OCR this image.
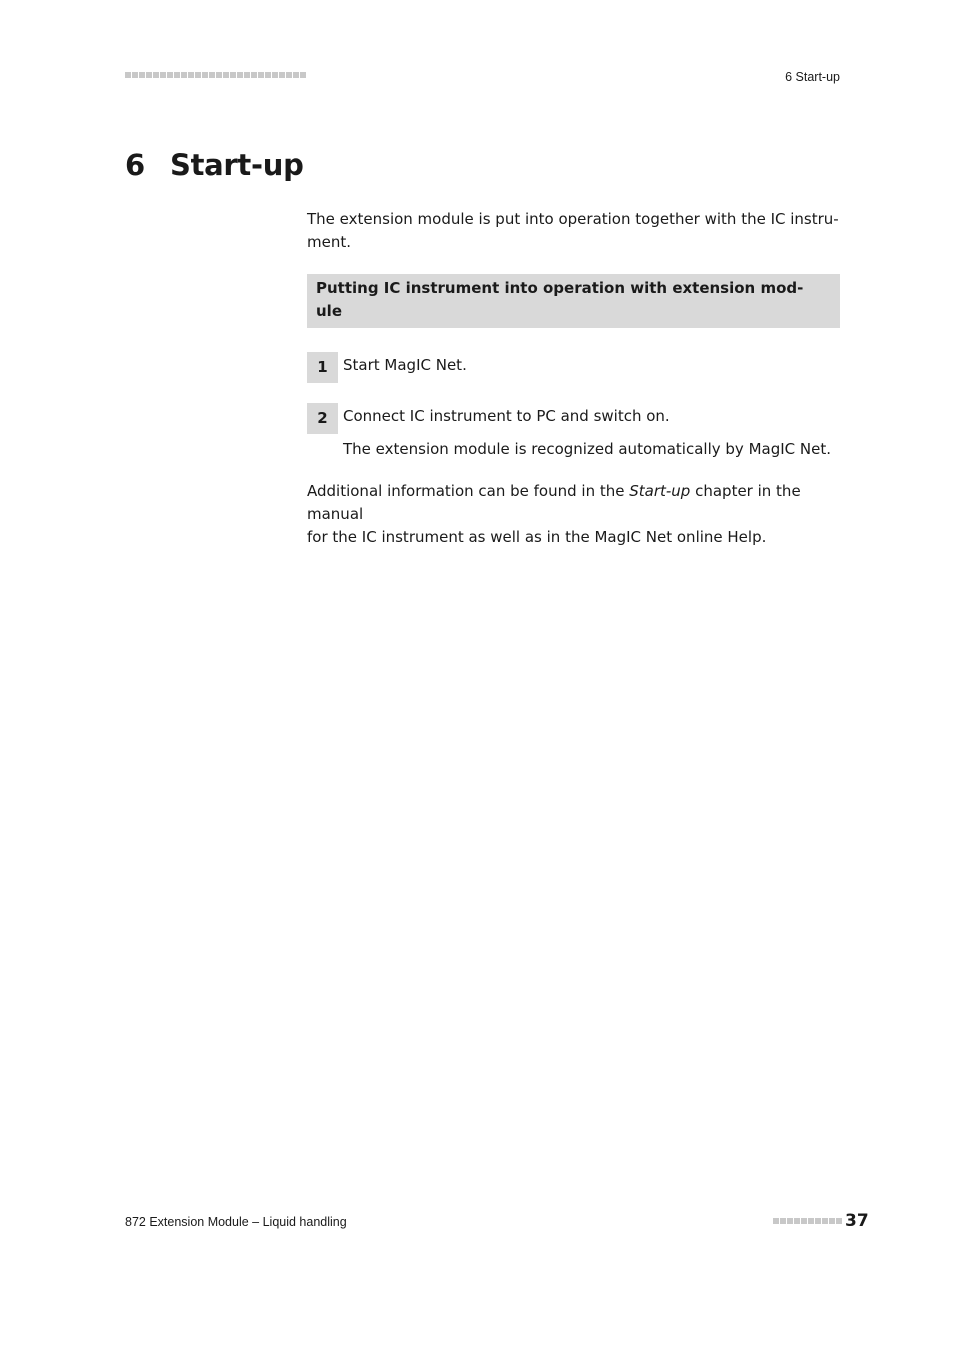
6 Start-up
6 Start-up

The extension module is put into operation together with the IC instru-
ment.

Putting IC instrument into operation with extension mod-
ule
1	Start MagIC Net.
2	Connect IC instrument to PC and switch on.
The extension module is recognized automatically by MagIC Net.

Additional information can be found in the Start-up chapter in the manual
for the IC instrument as well as in the MagIC Net online Help.

872 Extension Module – Liquid handling	37
